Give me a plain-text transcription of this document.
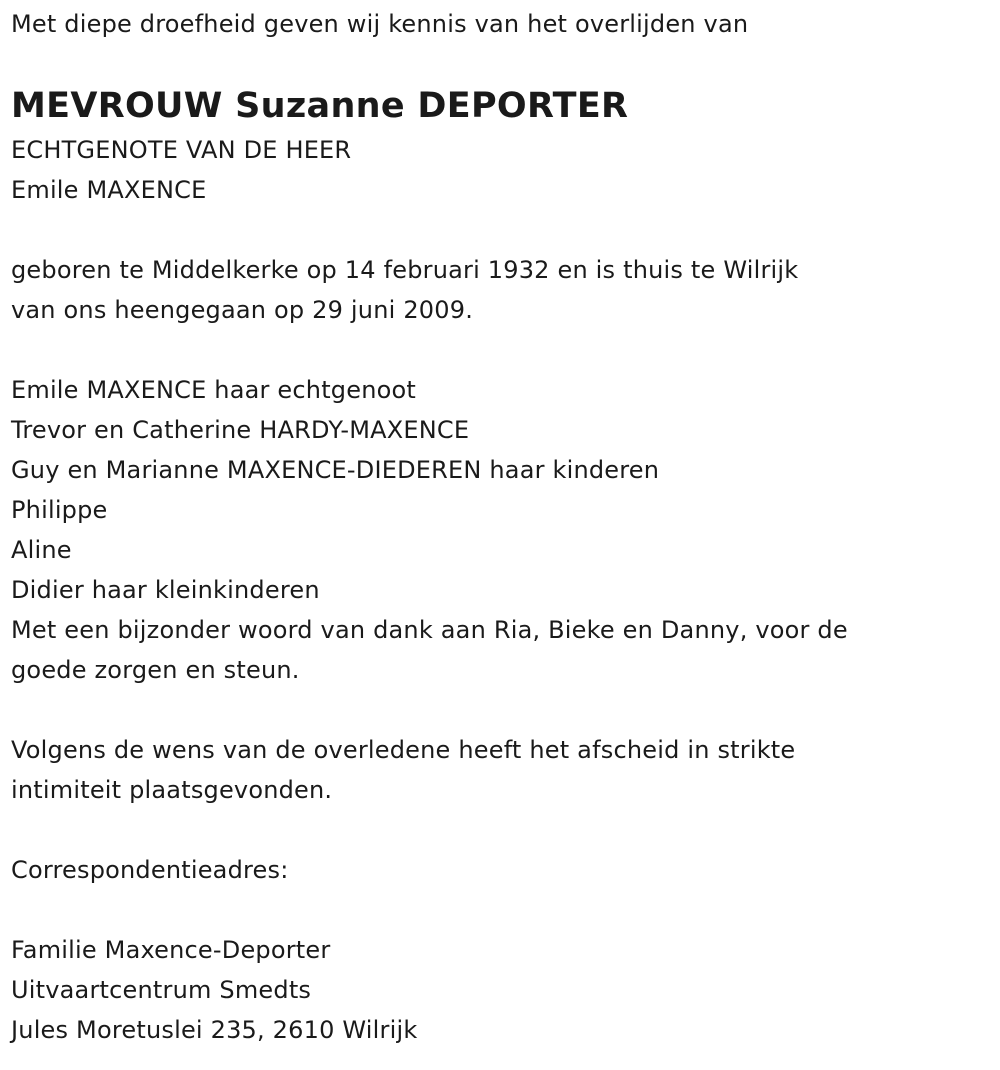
Met diepe droefheid geven wij kennis van het overlijden van
MEVROUW Suzanne DEPORTER
ECHTGENOTE VAN DE HEER
Emile MAXENCE
geboren te Middelkerke op 14 februari 1932 en is thuis te Wilrijk
van ons heengegaan op 29 juni 2009.
Emile MAXENCE haar echtgenoot
Trevor en Catherine HARDY-MAXENCE
Guy en Marianne MAXENCE-DIEDEREN haar kinderen
Philippe
Aline
Didier haar kleinkinderen
Met een bijzonder woord van dank aan Ria, Bieke en Danny, voor de
goede zorgen en steun.
Volgens de wens van de overledene heeft het afscheid in strikte
intimiteit plaatsgevonden.
Correspondentieadres:
Familie Maxence-Deporter
Uitvaartcentrum Smedts
Jules Moretuslei 235, 2610 Wilrijk
